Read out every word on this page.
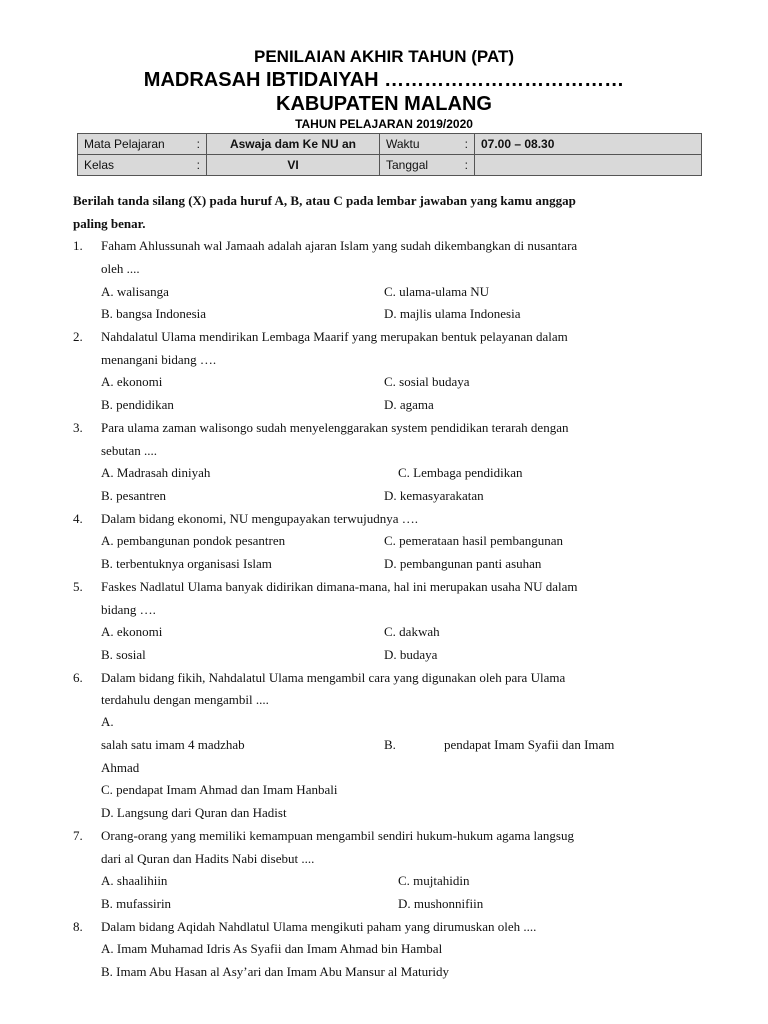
PENILAIAN AKHIR TAHUN (PAT)
MADRASAH IBTIDAIYAH ………………………………
KABUPATEN MALANG
TAHUN PELAJARAN 2019/2020
Mata Pelajaran	:	Aswaja dam Ke NU an	Waktu	:	07.00 – 08.30
Kelas	:	VI	Tanggal	:	
Berilah tanda silang (X) pada huruf A, B, atau C pada lembar jawaban yang kamu anggap
paling benar.
1. Faham Ahlussunah wal Jamaah adalah ajaran Islam yang sudah dikembangkan di nusantara
oleh ....
A. walisanga	C. ulama-ulama NU
B. bangsa Indonesia	D. majlis ulama Indonesia
2. Nahdalatul Ulama mendirikan Lembaga Maarif yang merupakan bentuk pelayanan dalam
menangani bidang ….
A. ekonomi	C. sosial budaya
B. pendidikan	D. agama
3. Para ulama zaman walisongo sudah menyelenggarakan system pendidikan terarah dengan
sebutan ....
A. Madrasah diniyah	C. Lembaga pendidikan
B. pesantren	D. kemasyarakatan
4. Dalam bidang ekonomi, NU mengupayakan terwujudnya ….
A. pembangunan pondok pesantren	C. pemerataan hasil pembangunan
B. terbentuknya organisasi Islam	D. pembangunan panti asuhan
5. Faskes Nadlatul Ulama banyak didirikan dimana-mana, hal ini merupakan usaha NU dalam
bidang ….
A. ekonomi	C. dakwah
B. sosial	D. budaya
6. Dalam bidang fikih, Nahdalatul Ulama mengambil cara yang digunakan oleh para Ulama
terdahulu dengan mengambil ....
A.
salah satu imam 4 madzhab	B.	pendapat Imam Syafii dan Imam
Ahmad
C. pendapat Imam Ahmad dan Imam Hanbali
D. Langsung dari Quran dan Hadist
7. Orang-orang yang memiliki kemampuan mengambil sendiri hukum-hukum agama langsug
dari al Quran dan Hadits Nabi disebut ....
A. shaalihiin	C. mujtahidin
B. mufassirin	D. mushonnifiin
8. Dalam bidang Aqidah Nahdlatul Ulama mengikuti paham yang dirumuskan oleh ....
A. Imam Muhamad Idris As Syafii dan Imam Ahmad bin Hambal
B. Imam Abu Hasan al Asy’ari dan Imam Abu Mansur al Maturidy
